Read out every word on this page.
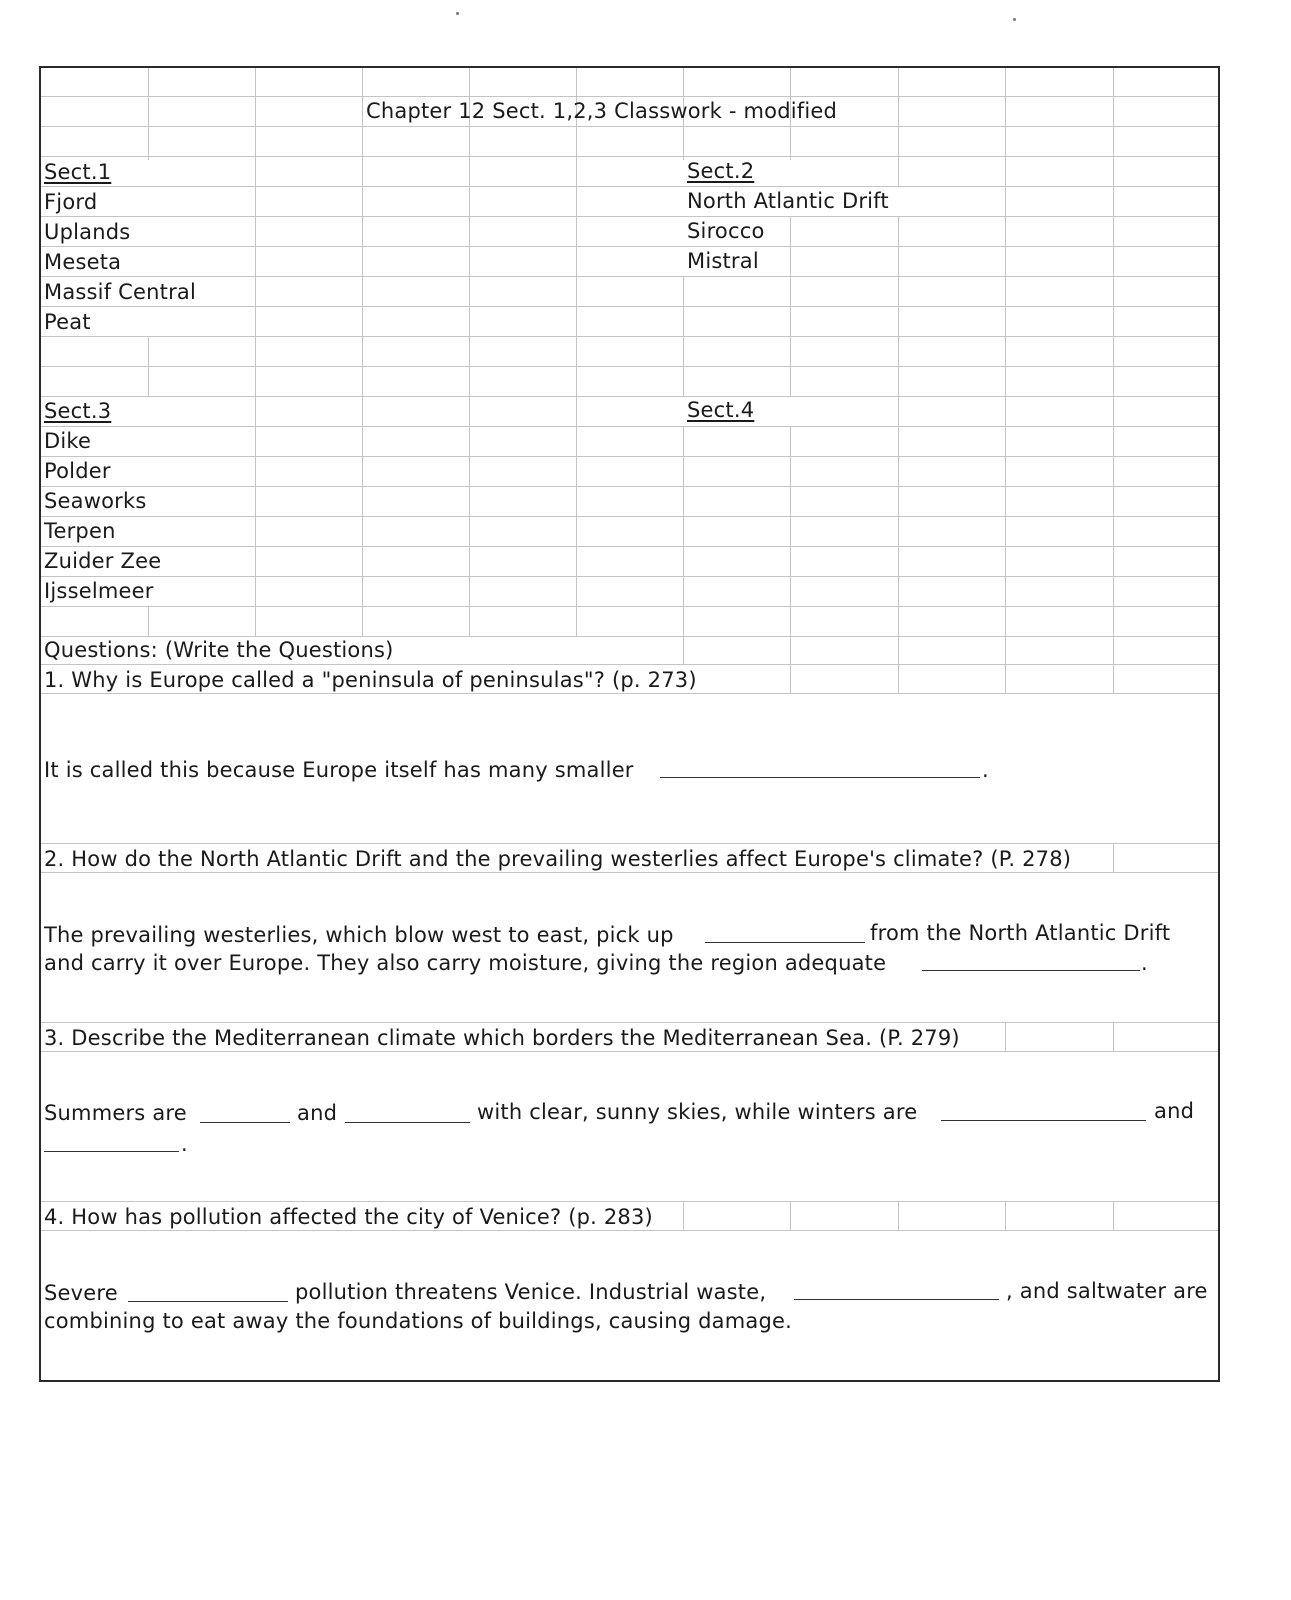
Chapter 12 Sect. 1,2,3 Classwork - modified
Sect.1
Fjord
Uplands
Meseta
Massif Central
Peat
Sect.2
North Atlantic Drift
Sirocco
Mistral
Sect.3
Dike
Polder
Seaworks
Terpen
Zuider Zee
Ijsselmeer
Sect.4
Questions: (Write the Questions)
1. Why is Europe called a "peninsula of peninsulas"? (p. 273)
It is called this because Europe itself has many smaller	.
2. How do the North Atlantic Drift and the prevailing westerlies affect Europe's climate? (P. 278)
The prevailing westerlies, which blow west to east, pick up	from the North Atlantic Drift
and carry it over Europe. They also carry moisture, giving the region adequate	.
3. Describe the Mediterranean climate which borders the Mediterranean Sea. (P. 279)
Summers are	and	with clear, sunny skies, while winters are	and
.
4. How has pollution affected the city of Venice? (p. 283)
Severe	pollution threatens Venice. Industrial waste,	, and saltwater are
combining to eat away the foundations of buildings, causing damage.
